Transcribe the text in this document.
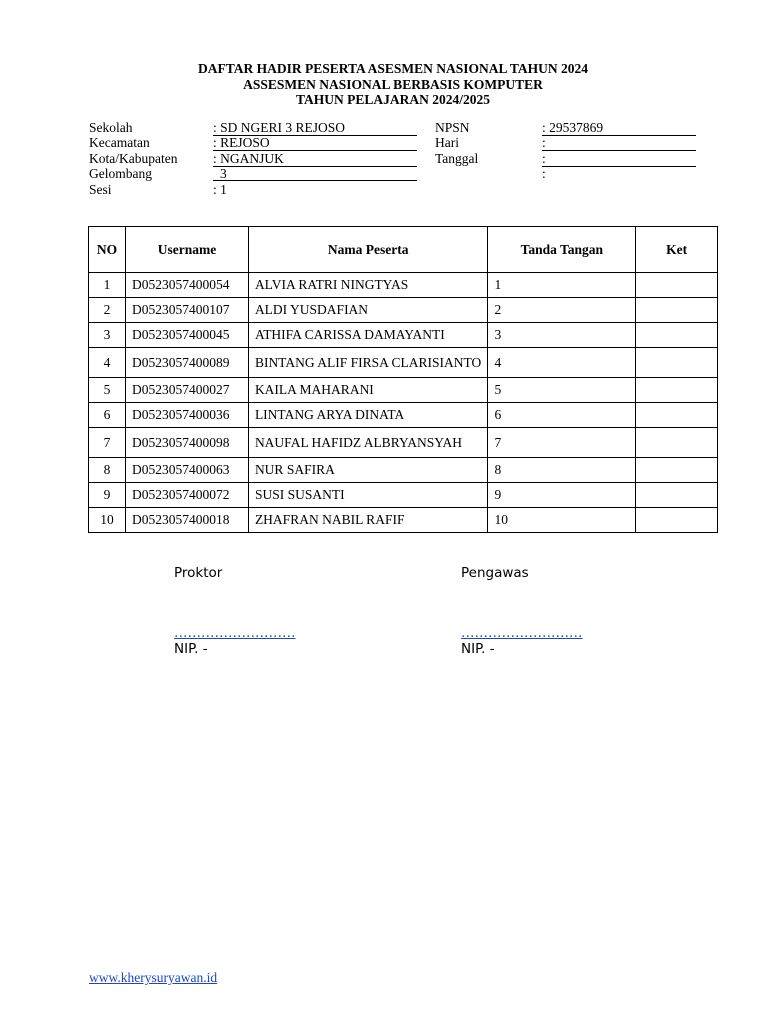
DAFTAR HADIR PESERTA ASESMEN NASIONAL TAHUN 2024
ASSESMEN NASIONAL BERBASIS KOMPUTER
TAHUN PELAJARAN 2024/2025
Sekolah	: SD NGERI 3 REJOSO
Kecamatan	: REJOSO
Kota/Kabupaten	: NGANJUK
Gelombang	3
Sesi	: 1
NPSN	: 29537869
Hari	:
Tanggal	:
:
NO	Username	Nama Peserta	Tanda Tangan	Ket
1	D0523057400054	ALVIA RATRI NINGTYAS	1	
2	D0523057400107	ALDI YUSDAFIAN	2	
3	D0523057400045	ATHIFA CARISSA DAMAYANTI	3	
4	D0523057400089	BINTANG ALIF FIRSA CLARISIANTO	4	
5	D0523057400027	KAILA MAHARANI	5	
6	D0523057400036	LINTANG ARYA DINATA	6	
7	D0523057400098	NAUFAL HAFIDZ ALBRYANSYAH	7	
8	D0523057400063	NUR SAFIRA	8	
9	D0523057400072	SUSI SUSANTI	9	
10	D0523057400018	ZHAFRAN NABIL RAFIF	10	
Proktor
………………………
NIP. -
Pengawas
………………………
NIP. -
www.kherysuryawan.id
